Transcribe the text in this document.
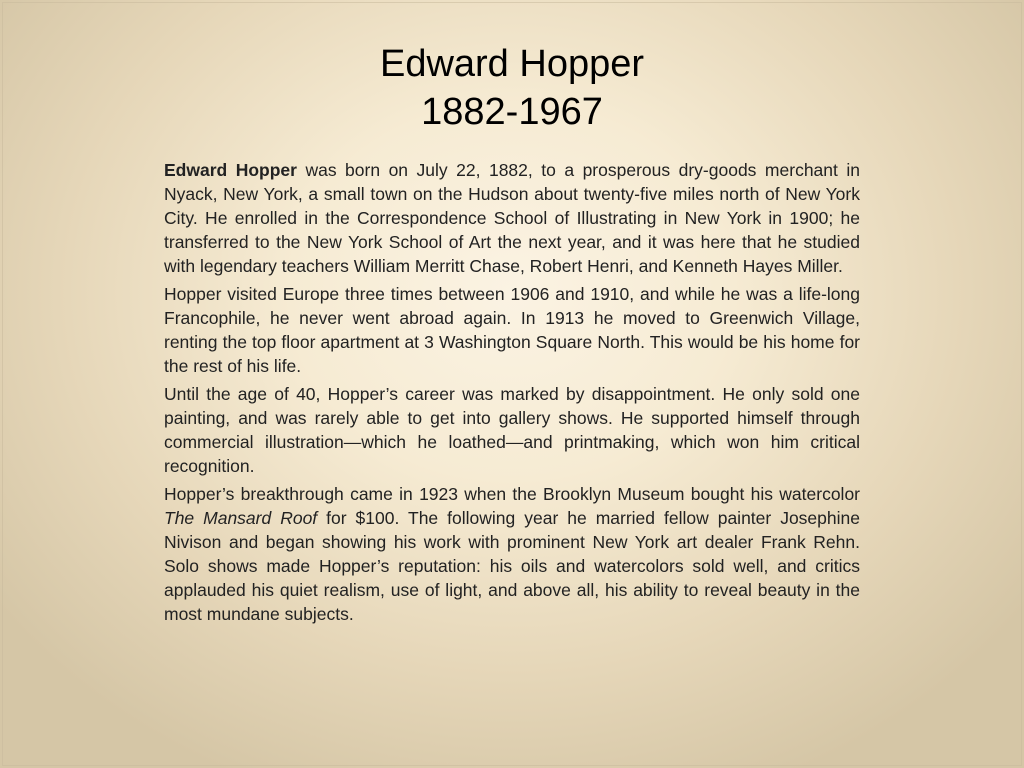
Edward Hopper
1882-1967

Edward Hopper was born on July 22, 1882, to a prosperous dry-goods merchant in Nyack, New York, a small town on the Hudson about twenty-five miles north of New York City. He enrolled in the Correspondence School of Illustrating in New York in 1900; he transferred to the New York School of Art the next year, and it was here that he studied with legendary teachers William Merritt Chase, Robert Henri, and Kenneth Hayes Miller.

Hopper visited Europe three times between 1906 and 1910, and while he was a life-long Francophile, he never went abroad again. In 1913 he moved to Greenwich Village, renting the top floor apartment at 3 Washington Square North. This would be his home for the rest of his life.

Until the age of 40, Hopper’s career was marked by disappointment. He only sold one painting, and was rarely able to get into gallery shows. He supported himself through commercial illustration—which he loathed—and printmaking, which won him critical recognition.

Hopper’s breakthrough came in 1923 when the Brooklyn Museum bought his watercolor The Mansard Roof for $100. The following year he married fellow painter Josephine Nivison and began showing his work with prominent New York art dealer Frank Rehn. Solo shows made Hopper’s reputation: his oils and watercolors sold well, and critics applauded his quiet realism, use of light, and above all, his ability to reveal beauty in the most mundane subjects.
